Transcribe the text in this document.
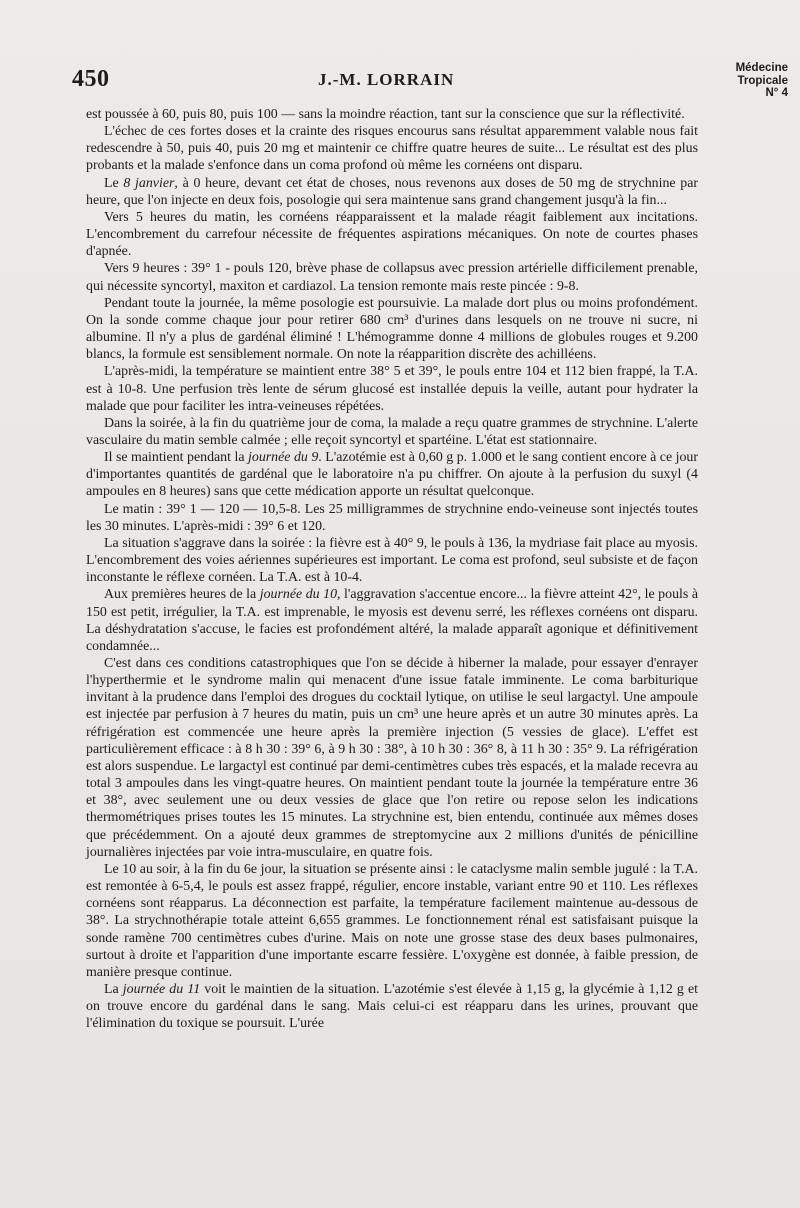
450	J.-M. LORRAIN
Médecine
Tropicale
N° 4

est poussée à 60, puis 80, puis 100 — sans la moindre réaction, tant sur la conscience que sur la réflectivité.

L'échec de ces fortes doses et la crainte des risques encourus sans résultat apparemment valable nous fait redescendre à 50, puis 40, puis 20 mg et maintenir ce chiffre quatre heures de suite... Le résultat est des plus probants et la malade s'enfonce dans un coma profond où même les cornéens ont disparu.

Le 8 janvier, à 0 heure, devant cet état de choses, nous revenons aux doses de 50 mg de strychnine par heure, que l'on injecte en deux fois, posologie qui sera maintenue sans grand changement jusqu'à la fin...

Vers 5 heures du matin, les cornéens réapparaissent et la malade réagit faiblement aux incitations. L'encombrement du carrefour nécessite de fréquentes aspirations mécaniques. On note de courtes phases d'apnée.

Vers 9 heures : 39° 1 - pouls 120, brève phase de collapsus avec pression artérielle difficilement prenable, qui nécessite syncortyl, maxiton et cardiazol. La tension remonte mais reste pincée : 9-8.

Pendant toute la journée, la même posologie est poursuivie. La malade dort plus ou moins profondément. On la sonde comme chaque jour pour retirer 680 cm³ d'urines dans lesquels on ne trouve ni sucre, ni albumine. Il n'y a plus de gardénal éliminé ! L'hémogramme donne 4 millions de globules rouges et 9.200 blancs, la formule est sensiblement normale. On note la réapparition discrète des achilléens.

L'après-midi, la température se maintient entre 38° 5 et 39°, le pouls entre 104 et 112 bien frappé, la T.A. est à 10-8. Une perfusion très lente de sérum glucosé est installée depuis la veille, autant pour hydrater la malade que pour faciliter les intra-veineuses répétées.

Dans la soirée, à la fin du quatrième jour de coma, la malade a reçu quatre grammes de strychnine. L'alerte vasculaire du matin semble calmée ; elle reçoit syncortyl et spartéine. L'état est stationnaire.

Il se maintient pendant la journée du 9. L'azotémie est à 0,60 g p. 1.000 et le sang contient encore à ce jour d'importantes quantités de gardénal que le laboratoire n'a pu chiffrer. On ajoute à la perfusion du suxyl (4 ampoules en 8 heures) sans que cette médication apporte un résultat quelconque.

Le matin : 39° 1 — 120 — 10,5-8. Les 25 milligrammes de strychnine endo-veineuse sont injectés toutes les 30 minutes. L'après-midi : 39° 6 et 120.

La situation s'aggrave dans la soirée : la fièvre est à 40° 9, le pouls à 136, la mydriase fait place au myosis. L'encombrement des voies aériennes supérieures est important. Le coma est profond, seul subsiste et de façon inconstante le réflexe cornéen. La T.A. est à 10-4.

Aux premières heures de la journée du 10, l'aggravation s'accentue encore... la fièvre atteint 42°, le pouls à 150 est petit, irrégulier, la T.A. est imprenable, le myosis est devenu serré, les réflexes cornéens ont disparu. La déshydratation s'accuse, le facies est profondément altéré, la malade apparaît agonique et définitivement condamnée...

C'est dans ces conditions catastrophiques que l'on se décide à hiberner la malade, pour essayer d'enrayer l'hyperthermie et le syndrome malin qui menacent d'une issue fatale imminente. Le coma barbiturique invitant à la prudence dans l'emploi des drogues du cocktail lytique, on utilise le seul largactyl. Une ampoule est injectée par perfusion à 7 heures du matin, puis un cm³ une heure après et un autre 30 minutes après. La réfrigération est commencée une heure après la première injection (5 vessies de glace). L'effet est particulièrement efficace : à 8 h 30 : 39° 6, à 9 h 30 : 38°, à 10 h 30 : 36° 8, à 11 h 30 : 35° 9. La réfrigération est alors suspendue. Le largactyl est continué par demi-centimètres cubes très espacés, et la malade recevra au total 3 ampoules dans les vingt-quatre heures. On maintient pendant toute la journée la température entre 36 et 38°, avec seulement une ou deux vessies de glace que l'on retire ou repose selon les indications thermométriques prises toutes les 15 minutes. La strychnine est, bien entendu, continuée aux mêmes doses que précédemment. On a ajouté deux grammes de streptomycine aux 2 millions d'unités de pénicilline journalières injectées par voie intra-musculaire, en quatre fois.

Le 10 au soir, à la fin du 6e jour, la situation se présente ainsi : le cataclysme malin semble jugulé : la T.A. est remontée à 6-5,4, le pouls est assez frappé, régulier, encore instable, variant entre 90 et 110. Les réflexes cornéens sont réapparus. La déconnection est parfaite, la température facilement maintenue au-dessous de 38°. La strychnothérapie totale atteint 6,655 grammes. Le fonctionnement rénal est satisfaisant puisque la sonde ramène 700 centimètres cubes d'urine. Mais on note une grosse stase des deux bases pulmonaires, surtout à droite et l'apparition d'une importante escarre fessière. L'oxygène est donnée, à faible pression, de manière presque continue.

La journée du 11 voit le maintien de la situation. L'azotémie s'est élevée à 1,15 g, la glycémie à 1,12 g et on trouve encore du gardénal dans le sang. Mais celui-ci est réapparu dans les urines, prouvant que l'élimination du toxique se poursuit. L'urée
